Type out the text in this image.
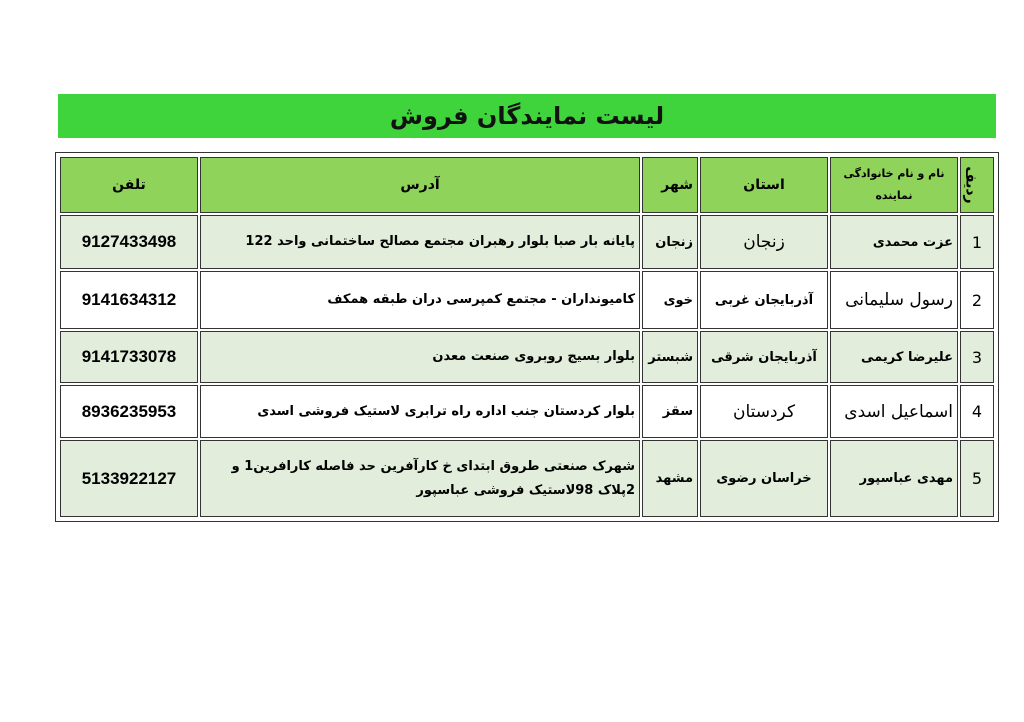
لیست نمایندگان فروش
ردیف	نام و نام خانوادگی
نماینده	استان	شهر	آدرس	تلفن
1	عزت محمدی	زنجان	زنجان	پایانه بار صبا بلوار رهبران مجتمع مصالح ساختمانی واحد 122	9127433498
2	رسول سلیمانی	آذربایجان غربی	خوی	کامیونداران - مجتمع کمپرسی دران طبقه همکف	9141634312
3	علیرضا کریمی	آذربایجان شرقی	شبستر	بلوار بسیج روبروی صنعت معدن	9141733078
4	اسماعیل اسدی	کردستان	سقز	بلوار کردستان جنب اداره راه ترابری لاستیک فروشی اسدی	8936235953
5	مهدی عباسپور	خراسان رضوی	مشهد	شهرک صنعتی طروق ابتدای خ کارآفرین حد فاصله کارافرین1 و
2پلاک 98لاستیک فروشی عباسپور	5133922127
